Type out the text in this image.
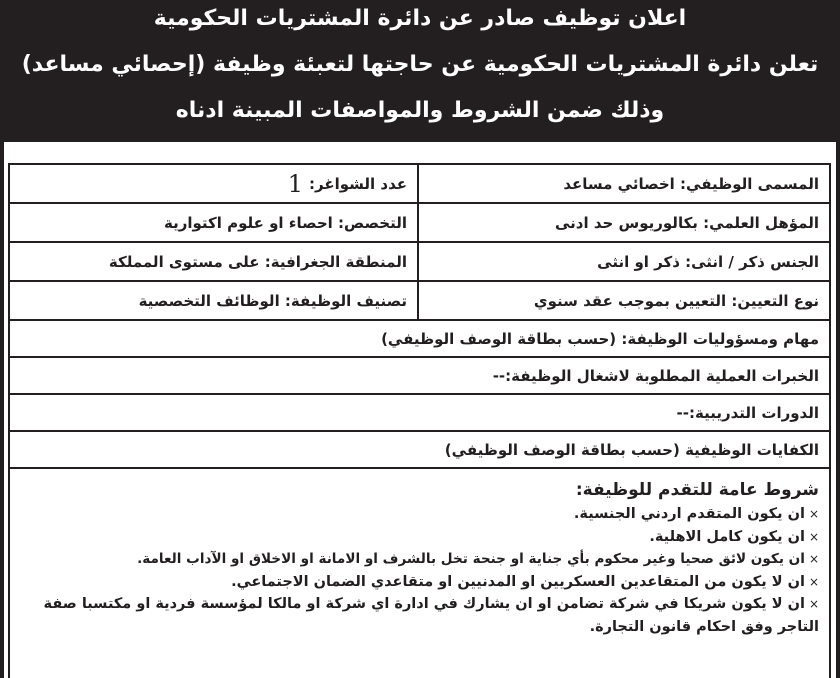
اعلان توظيف صادر عن دائرة المشتريات الحكومية
تعلن دائرة المشتريات الحكومية عن حاجتها لتعبئة وظيفة (إحصائي مساعد)
وذلك ضمن الشروط والمواصفات المبينة ادناه
المسمى الوظيفي: اخصائي مساعد
عدد الشواغر:
1
المؤهل العلمي: بكالوريوس حد ادنى
التخصص: احصاء او علوم اكتوارية
الجنس ذكر / انثى: ذكر او انثى
المنطقة الجغرافية: على مستوى المملكة
نوع التعيين: التعيين بموجب عقد سنوي
تصنيف الوظيفة: الوظائف التخصصية
مهام ومسؤوليات الوظيفة: (حسب بطاقة الوصف الوظيفي)
الخبرات العملية المطلوبة لاشغال الوظيفة:--
الدورات التدريبية:--
الكفايات الوظيفية (حسب بطاقة الوصف الوظيفي)
شروط عامة للتقدم للوظيفة:
×ان يكون المتقدم اردني الجنسية.
×ان يكون كامل الاهلية.
×ان يكون لائق صحيا وغير محكوم بأي جناية او جنحة تخل بالشرف او الامانة او الاخلاق او الآداب العامة.
×ان لا يكون من المتقاعدين العسكريين او المدنيين او متقاعدي الضمان الاجتماعي.
×ان لا يكون شريكا في شركة تضامن او ان يشارك في ادارة اي شركة او مالكا لمؤسسة فردية او مكتسبا صفة التاجر وفق احكام قانون التجارة.
